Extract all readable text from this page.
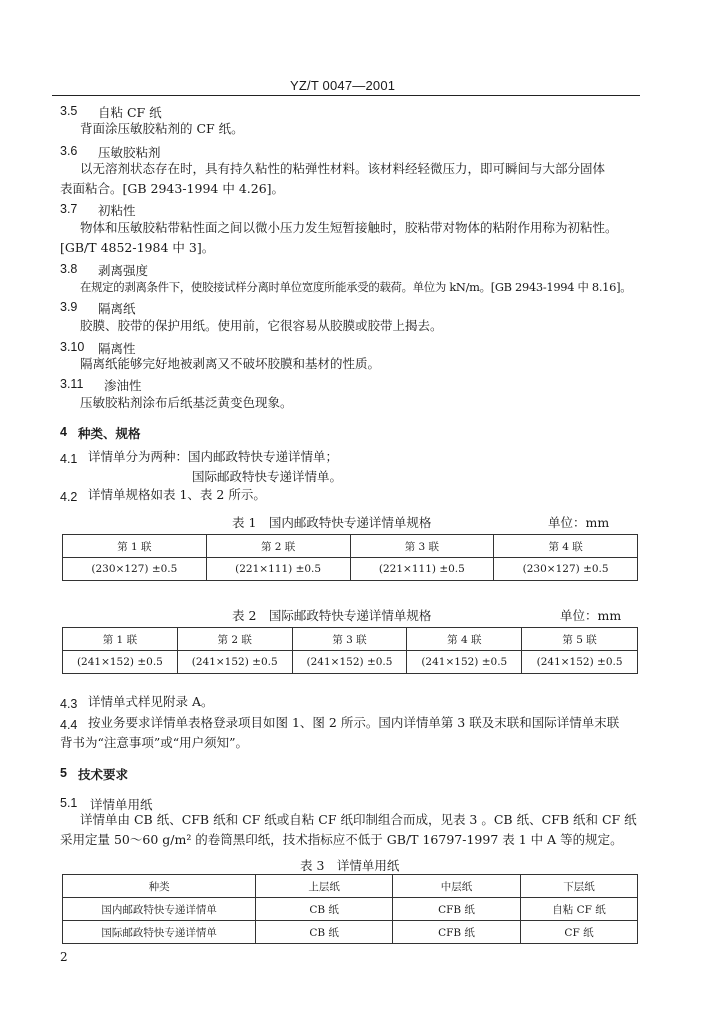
YZ/T 0047—2001
3.5 自粘 CF 纸
背面涂压敏胶粘剂的 CF 纸。
3.6 压敏胶粘剂
以无溶剂状态存在时，具有持久粘性的粘弹性材料。该材料经轻微压力，即可瞬间与大部分固体
表面粘合。[GB 2943-1994 中 4.26]。
3.7 初粘性
物体和压敏胶粘带粘性面之间以微小压力发生短暂接触时，胶粘带对物体的粘附作用称为初粘性。
[GB/T 4852-1984 中 3]。
3.8 剥离强度
在规定的剥离条件下，使胶接试样分离时单位宽度所能承受的载荷。单位为 kN/m。[GB 2943-1994 中 8.16]。
3.9 隔离纸
胶膜、胶带的保护用纸。使用前，它很容易从胶膜或胶带上揭去。
3.10 隔离性
隔离纸能够完好地被剥离又不破坏胶膜和基材的性质。
3.11 渗油性
压敏胶粘剂涂布后纸基泛黄变色现象。
4 种类、规格
4.1 详情单分为两种：国内邮政特快专递详情单；
国际邮政特快专递详情单。
4.2 详情单规格如表 1、表 2 所示。
表 1　国内邮政特快专递详情单规格	单位：mm
第 1 联	第 2 联	第 3 联	第 4 联
(230×127) ±0.5	(221×111) ±0.5	(221×111) ±0.5	(230×127) ±0.5
表 2　国际邮政特快专递详情单规格	单位：mm
第 1 联	第 2 联	第 3 联	第 4 联	第 5 联
(241×152) ±0.5	(241×152) ±0.5	(241×152) ±0.5	(241×152) ±0.5	(241×152) ±0.5
4.3 详情单式样见附录 A。
4.4 按业务要求详情单表格登录项目如图 1、图 2 所示。国内详情单第 3 联及末联和国际详情单末联
背书为“注意事项”或“用户须知”。
5 技术要求
5.1 详情单用纸
详情单由 CB 纸、CFB 纸和 CF 纸或自粘 CF 纸印制组合而成，见表 3 。CB 纸、CFB 纸和 CF 纸
采用定量 50～60 g/m² 的卷筒黑印纸，技术指标应不低于 GB/T 16797-1997 表 1 中 A 等的规定。
表 3　详情单用纸
种类	上层纸	中层纸	下层纸
国内邮政特快专递详情单	CB 纸	CFB 纸	自粘 CF 纸
国际邮政特快专递详情单	CB 纸	CFB 纸	CF 纸
2
